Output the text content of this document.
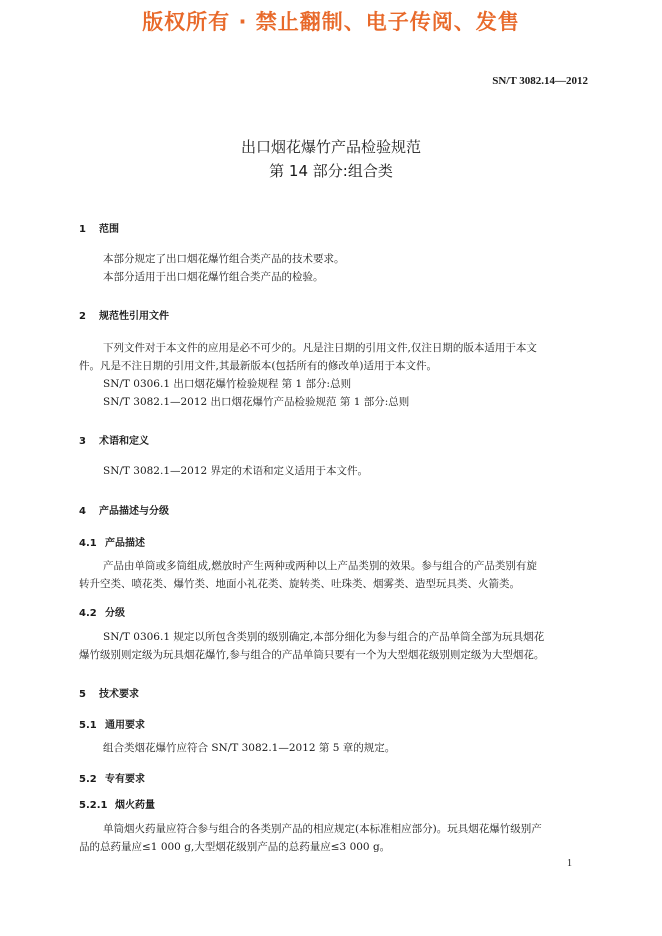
版权所有 · 禁止翻制、电子传阅、发售
SN/T 3082.14—2012
出口烟花爆竹产品检验规范
第 14 部分:组合类
1 范围
本部分规定了出口烟花爆竹组合类产品的技术要求。
本部分适用于出口烟花爆竹组合类产品的检验。
2 规范性引用文件
下列文件对于本文件的应用是必不可少的。凡是注日期的引用文件,仅注日期的版本适用于本文
件。凡是不注日期的引用文件,其最新版本(包括所有的修改单)适用于本文件。
SN/T 0306.1 出口烟花爆竹检验规程 第 1 部分:总则
SN/T 3082.1—2012 出口烟花爆竹产品检验规范 第 1 部分:总则
3 术语和定义
SN/T 3082.1—2012 界定的术语和定义适用于本文件。
4 产品描述与分级
4.1 产品描述
产品由单筒或多筒组成,燃放时产生两种或两种以上产品类别的效果。参与组合的产品类别有旋
转升空类、喷花类、爆竹类、地面小礼花类、旋转类、吐珠类、烟雾类、造型玩具类、火箭类。
4.2 分级
SN/T 0306.1 规定以所包含类别的级别确定,本部分细化为参与组合的产品单筒全部为玩具烟花
爆竹级别则定级为玩具烟花爆竹,参与组合的产品单筒只要有一个为大型烟花级别则定级为大型烟花。
5 技术要求
5.1 通用要求
组合类烟花爆竹应符合 SN/T 3082.1—2012 第 5 章的规定。
5.2 专有要求
5.2.1 烟火药量
单筒烟火药量应符合参与组合的各类别产品的相应规定(本标准相应部分)。玩具烟花爆竹级别产
品的总药量应≤1 000 g,大型烟花级别产品的总药量应≤3 000 g。
1
